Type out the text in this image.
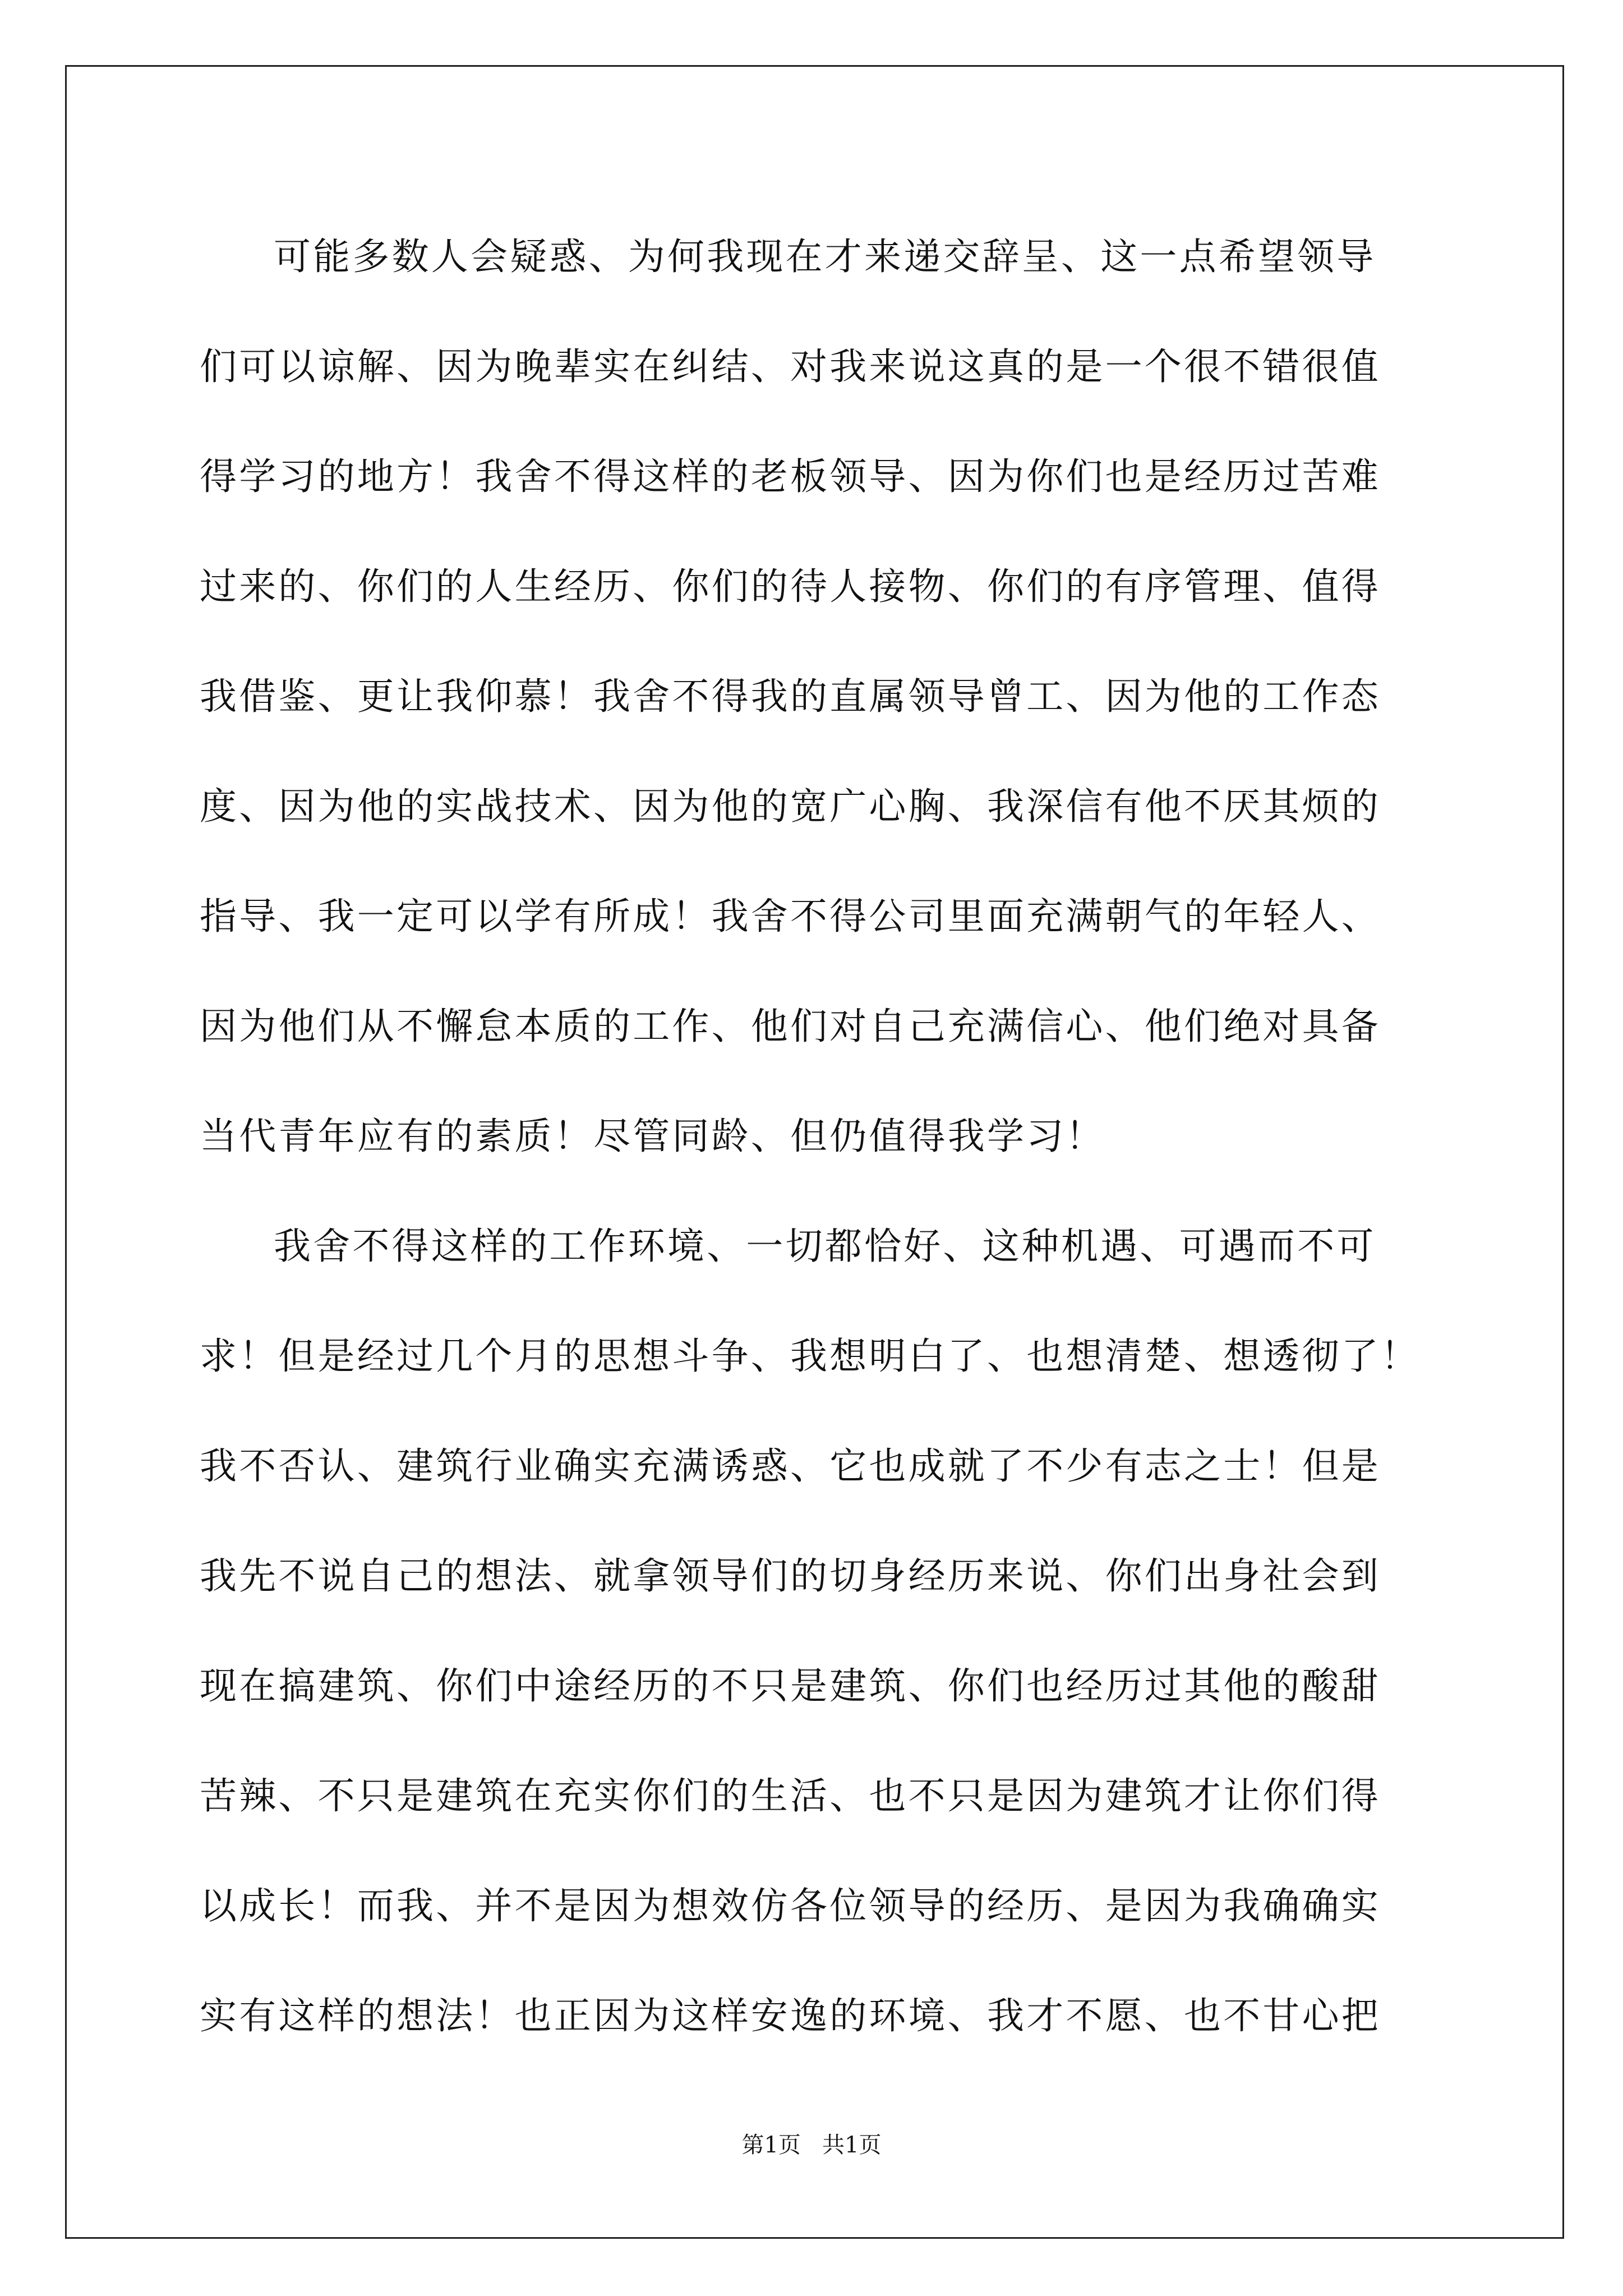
可能多数人会疑惑、为何我现在才来递交辞呈、这一点希望领导
们可以谅解、因为晚辈实在纠结、对我来说这真的是一个很不错很值
得学习的地方！我舍不得这样的老板领导、因为你们也是经历过苦难
过来的、你们的人生经历、你们的待人接物、你们的有序管理、值得
我借鉴、更让我仰慕！我舍不得我的直属领导曾工、因为他的工作态
度、因为他的实战技术、因为他的宽广心胸、我深信有他不厌其烦的
指导、我一定可以学有所成！我舍不得公司里面充满朝气的年轻人、
因为他们从不懈怠本质的工作、他们对自己充满信心、他们绝对具备
当代青年应有的素质！尽管同龄、但仍值得我学习！
我舍不得这样的工作环境、一切都恰好、这种机遇、可遇而不可
求！但是经过几个月的思想斗争、我想明白了、也想清楚、想透彻了！
我不否认、建筑行业确实充满诱惑、它也成就了不少有志之士！但是
我先不说自己的想法、就拿领导们的切身经历来说、你们出身社会到
现在搞建筑、你们中途经历的不只是建筑、你们也经历过其他的酸甜
苦辣、不只是建筑在充实你们的生活、也不只是因为建筑才让你们得
以成长！而我、并不是因为想效仿各位领导的经历、是因为我确确实
实有这样的想法！也正因为这样安逸的环境、我才不愿、也不甘心把
第1页   共1页
